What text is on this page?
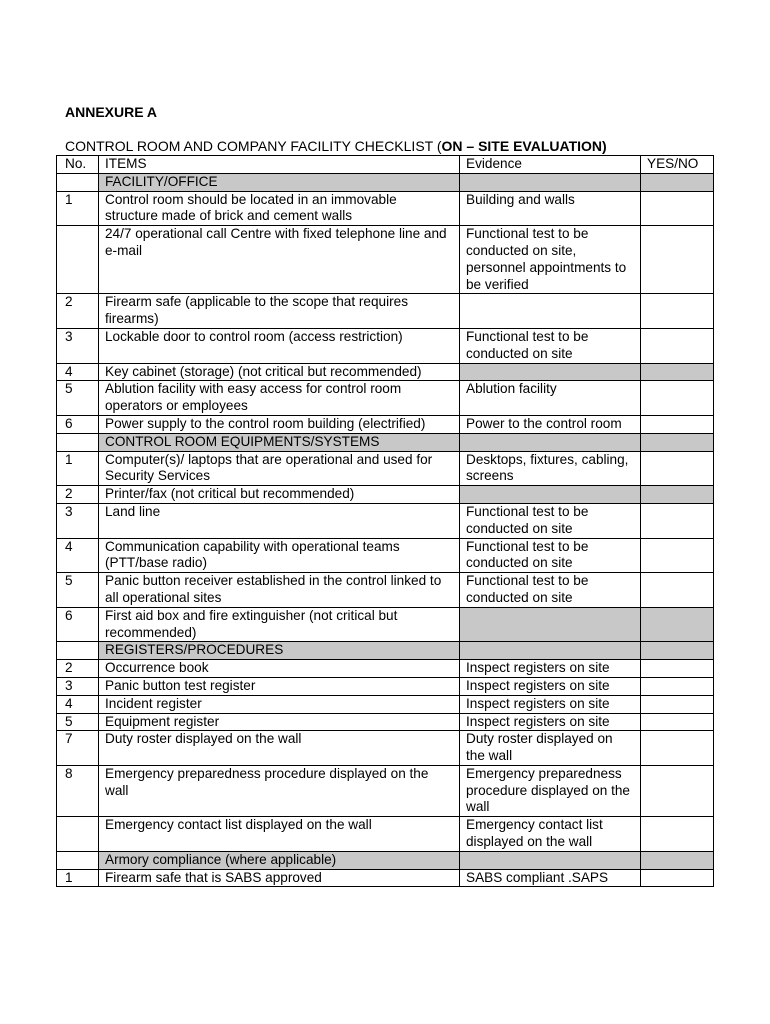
ANNEXURE A
CONTROL ROOM AND COMPANY FACILITY CHECKLIST (ON – SITE EVALUATION)
No.	ITEMS	Evidence	YES/NO
	FACILITY/OFFICE		
1	Control room should be located in an immovable structure made of brick and cement walls	Building and walls	
	24/7 operational call Centre with fixed telephone line and e-mail	Functional test to be conducted on site, personnel appointments to be verified	
2	Firearm safe (applicable to the scope that requires firearms)		
3	Lockable door to control room (access restriction)	Functional test to be conducted on site	
4	Key cabinet (storage) (not critical but recommended)		
5	Ablution facility with easy access for control room operators or employees	Ablution facility	
6	Power supply to the control room building (electrified)	Power to the control room	
	CONTROL ROOM EQUIPMENTS/SYSTEMS		
1	Computer(s)/ laptops that are operational and used for Security Services	Desktops, fixtures, cabling, screens	
2	Printer/fax (not critical but recommended)		
3	Land line	Functional test to be conducted on site	
4	Communication capability with operational teams (PTT/base radio)	Functional test to be conducted on site	
5	Panic button receiver established in the control linked to all operational sites	Functional test to be conducted on site	
6	First aid box and fire extinguisher (not critical but recommended)		
	REGISTERS/PROCEDURES		
2	Occurrence book	Inspect registers on site	
3	Panic button test register	Inspect registers on site	
4	Incident register	Inspect registers on site	
5	Equipment register	Inspect registers on site	
7	Duty roster displayed on the wall	Duty roster displayed on the wall	
8	Emergency preparedness procedure displayed on the wall	Emergency preparedness procedure displayed on the wall	
	Emergency contact list displayed on the wall	Emergency contact list displayed on the wall	
	Armory compliance (where applicable)		
1	Firearm safe that is SABS approved	SABS compliant .SAPS	
